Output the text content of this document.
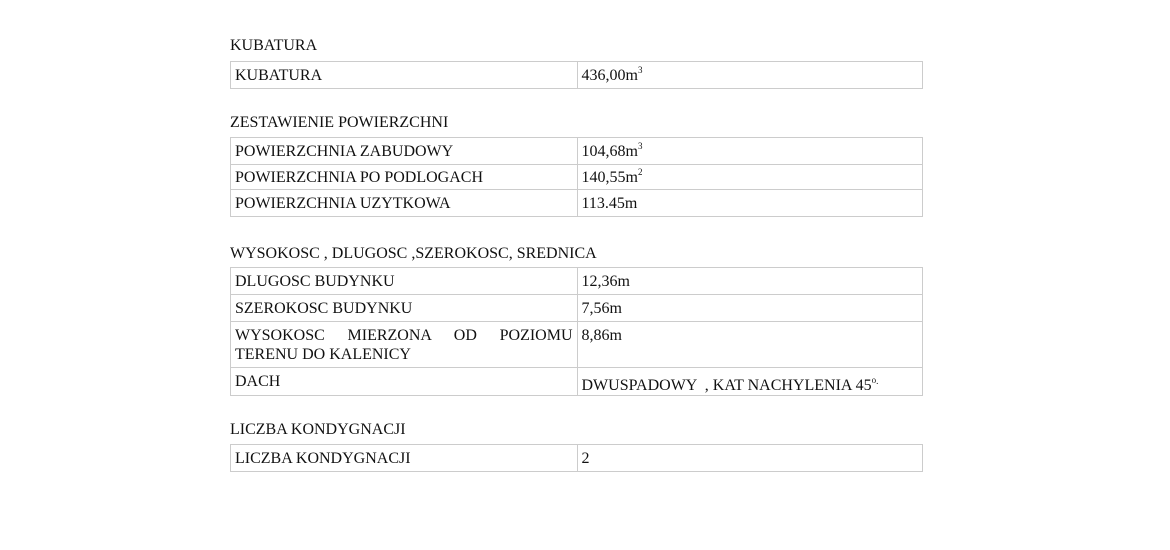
KUBATURA
KUBATURA	$436,00m^3$
ZESTAWIENIE POWIERZCHNI
POWIERZCHNIA ZABUDOWY	$104,68m^3$
POWIERZCHNIA PO PODLOGACH	$140,55m^2$
POWIERZCHNIA UZYTKOWA	113.45m
WYSOKOSC , DLUGOSC ,SZEROKOSC, SREDNICA
DLUGOSC BUDYNKU	12,36m
SZEROKOSC BUDYNKU	7,56m

WYSOKOSC MIERZONA OD POZIOMU
TERENU DO KALENICY	8,86m
DACH	DWUSPADOWY  , KAT NACHYLENIA $45^{o.}$
LICZBA KONDYGNACJI
LICZBA KONDYGNACJI	2
